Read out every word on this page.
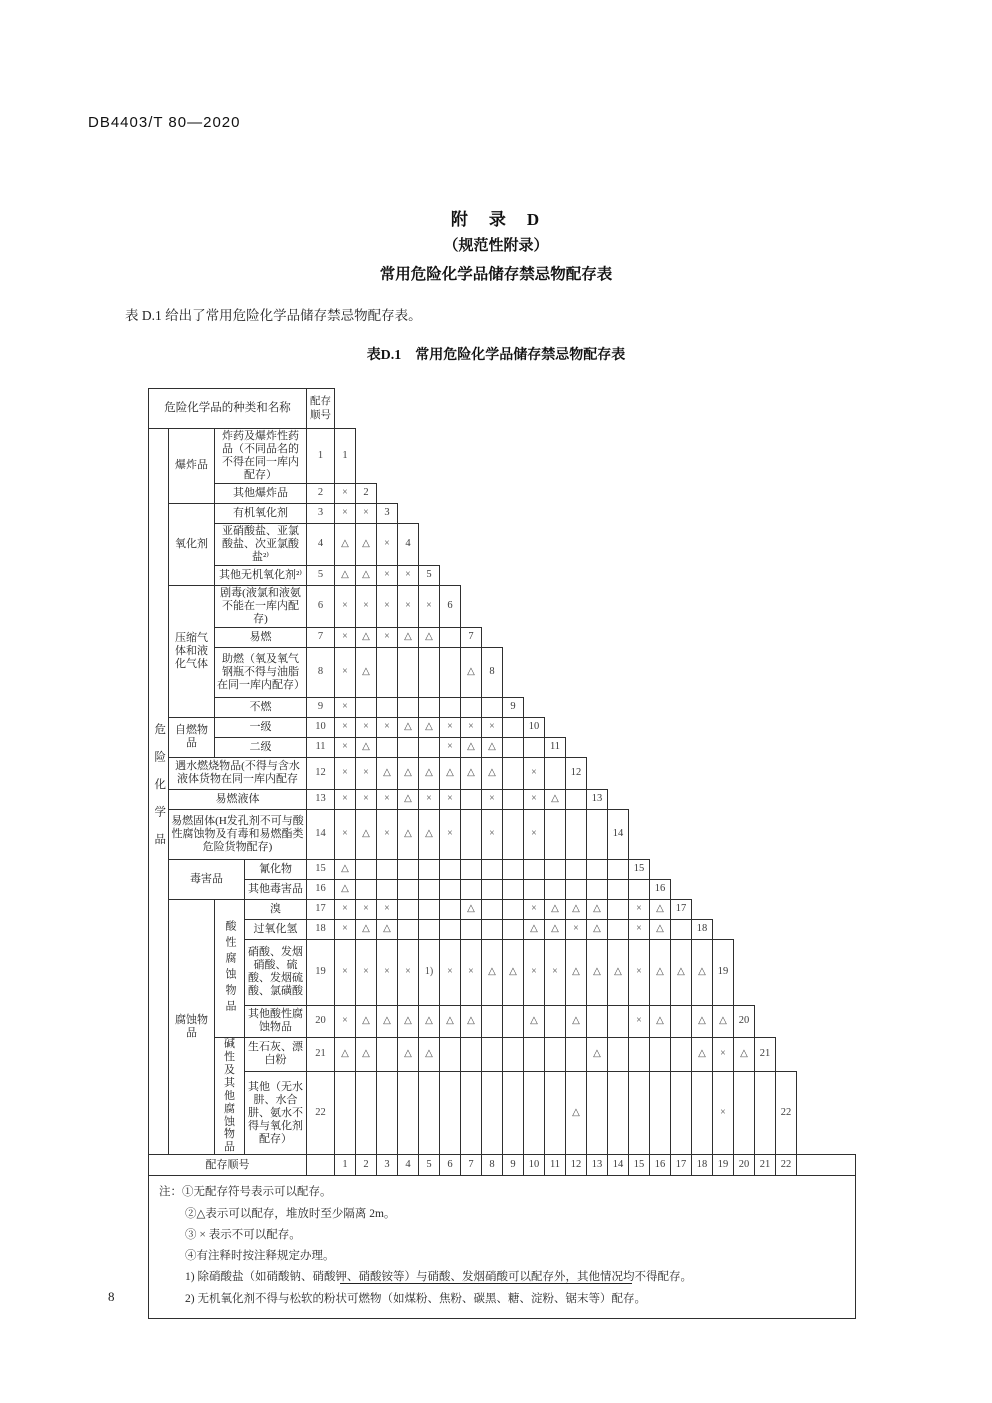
DB4403/T 80—2020
附　录　D
（规范性附录）
常用危险化学品储存禁忌物配存表
表 D.1 给出了常用危险化学品储存禁忌物配存表。
表D.1　常用危险化学品储存禁忌物配存表
危险化学品的种类和名称				配存顺号																							
危险化学品	爆炸品	炸药及爆炸性药品（不同品名的不得在同一库内配存）		1	1																						
		其他爆炸品		2	×	2																					
	氧化剂	有机氧化剂		3	×	×	3																				
		亚硝酸盐、亚氯酸盐、次亚氯酸盐²⁾		4	△	△	×	4																			
		其他无机氧化剂²⁾		5	△	△	×	×	5																		
	压缩气体和液化气体	剧毒(液氯和液氨不能在一库内配存)		6	×	×	×	×	×	6																	
		易燃		7	×	△	×	△	△		7																
		助燃（氧及氧气钢瓶不得与油脂在同一库内配存）		8	×	△					△	8															
		不燃		9	×								9														
	自燃物品	一级		10	×	×	×	△	△	×	×	×		10													
		二级		11	×	△				×	△	△			11												
	遇水燃烧物品(不得与含水液体货物在同一库内配存			12	×	×	△	△	△	△	△	△		×		12											
	易燃液体			13	×	×	×	△	×	×		×		×	△		13										
	易燃固体(H发孔剂不可与酸性腐蚀物及有毒和易燃酯类危险货物配存)			14	×	△	×	△	△	×		×		×				14									
	毒害品		氰化物	15	△														15								
			其他毒害品	16	△															16							
	腐蚀物品	酸性腐蚀物品	溴	17	×	×	×				△			×	△	△	△		×	△	17						
			过氧化氢	18	×	△	△							△	△	×	△		×	△		18					
			硝酸、发烟硝酸、硫酸、发烟硫酸、氯磺酸	19	×	×	×	×	1)	×	×	△	△	×	×	△	△	△	×	△	△	△	19				
			其他酸性腐蚀物品	20	×	△	△	△	△	△	△			△		△			×	△		△	△	20			
		碱性及其他腐蚀物品	生石灰、漂白粉	21	△	△		△	△								△					△	×	△	21		
			其他（无水肼、水合肼、氨水不得与氧化剂配存）	22												△							×			22	
配存顺号					1	2	3	4	5	6	7	8	9	10	11	12	13	14	15	16	17	18	19	20	21	22	

注：①无配存符号表示可以配存。
②△表示可以配存，堆放时至少隔离 2m。
③ × 表示不可以配存。
④有注释时按注释规定办理。
1) 除硝酸盐（如硝酸钠、硝酸钾、硝酸铵等）与硝酸、发烟硝酸可以配存外，其他情况均不得配存。
2) 无机氧化剂不得与松软的粉状可燃物（如煤粉、焦粉、碳黑、糖、淀粉、锯末等）配存。
8
